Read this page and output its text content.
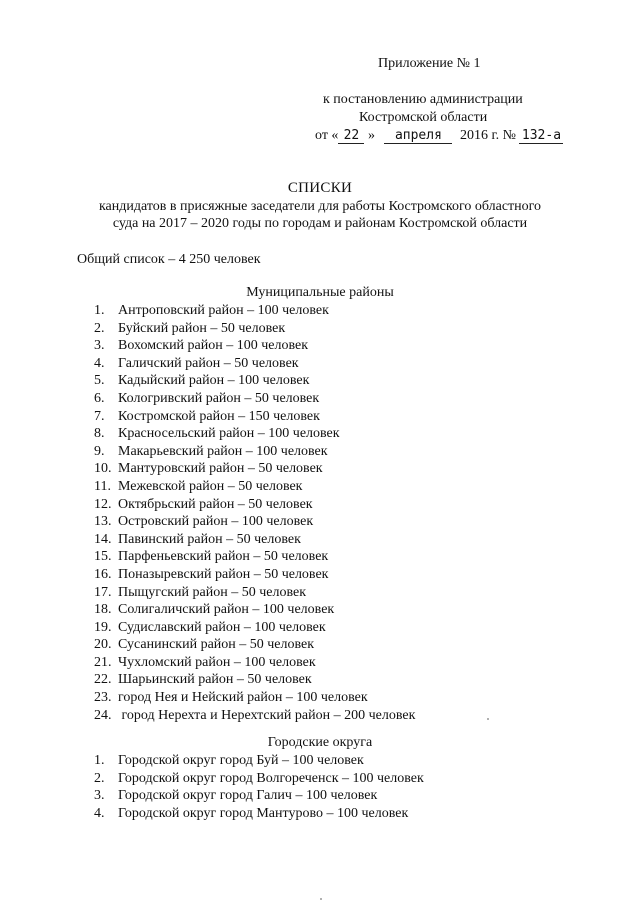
Приложение № 1
к постановлению администрации
Костромской области
от « 22 » апреля 2016 г. № 132-а
СПИСКИ
кандидатов в присяжные заседатели для работы Костромского областного
суда на 2017 – 2020 годы по городам и районам Костромской области
Общий список – 4 250 человек
Муниципальные районы
1. Антроповский район – 100 человек
2. Буйский район – 50 человек
3. Вохомский район – 100 человек
4. Галичский район – 50 человек
5. Кадыйский район – 100 человек
6. Кологривский район – 50 человек
7. Костромской район – 150 человек
8. Красносельский район – 100 человек
9. Макарьевский район – 100 человек
10. Мантуровский район – 50 человек
11. Межевской район – 50 человек
12. Октябрьский район – 50 человек
13. Островский район – 100 человек
14. Павинский район – 50 человек
15. Парфеньевский район – 50 человек
16. Поназыревский район – 50 человек
17. Пыщугский район – 50 человек
18. Солигаличский район – 100 человек
19. Судиславский район – 100 человек
20. Сусанинский район – 50 человек
21. Чухломский район – 100 человек
22. Шарьинский район – 50 человек
23. город Нея и Нейский район – 100 человек
24. город Нерехта и Нерехтский район – 200 человек
Городские округа
1. Городской округ город Буй – 100 человек
2. Городской округ город Волгореченск – 100 человек
3. Городской округ город Галич – 100 человек
4. Городской округ город Мантурово – 100 человек
